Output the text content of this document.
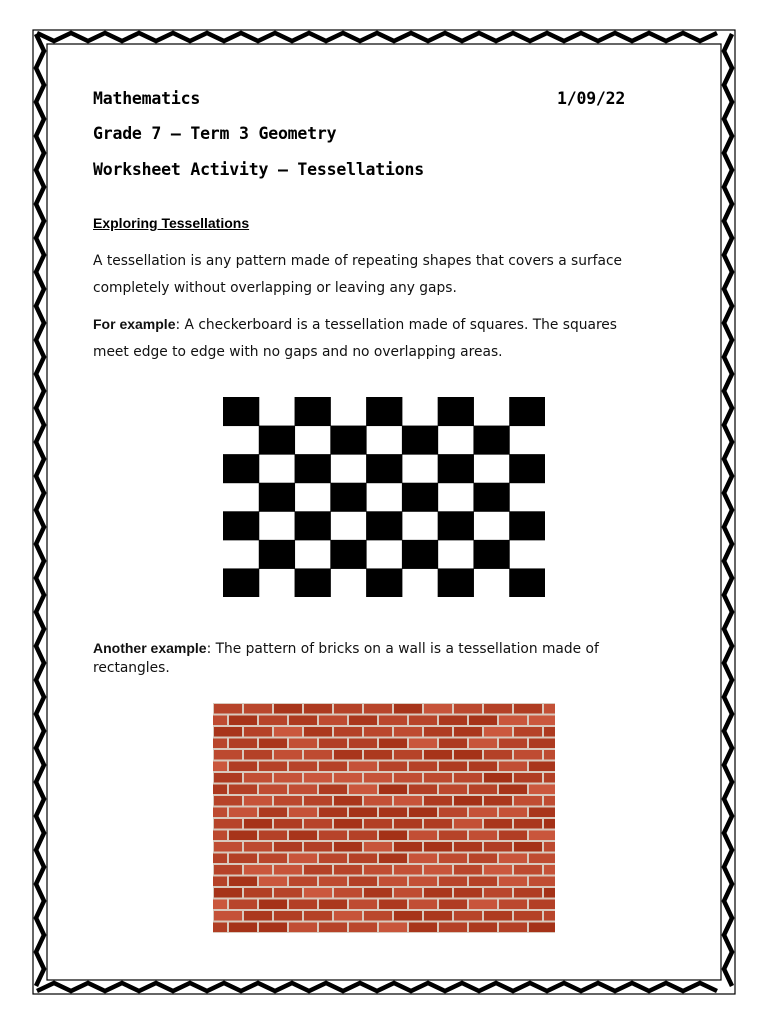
Mathematics	1/09/22
Grade 7 – Term 3 Geometry
Worksheet Activity – Tessellations
Exploring Tessellations
A tessellation is any pattern made of repeating shapes that covers a surface
completely without overlapping or leaving any gaps.
For example: A checkerboard is a tessellation made of squares. The squares
meet edge to edge with no gaps and no overlapping areas.
Another example: The pattern of bricks on a wall is a tessellation made of
rectangles.
